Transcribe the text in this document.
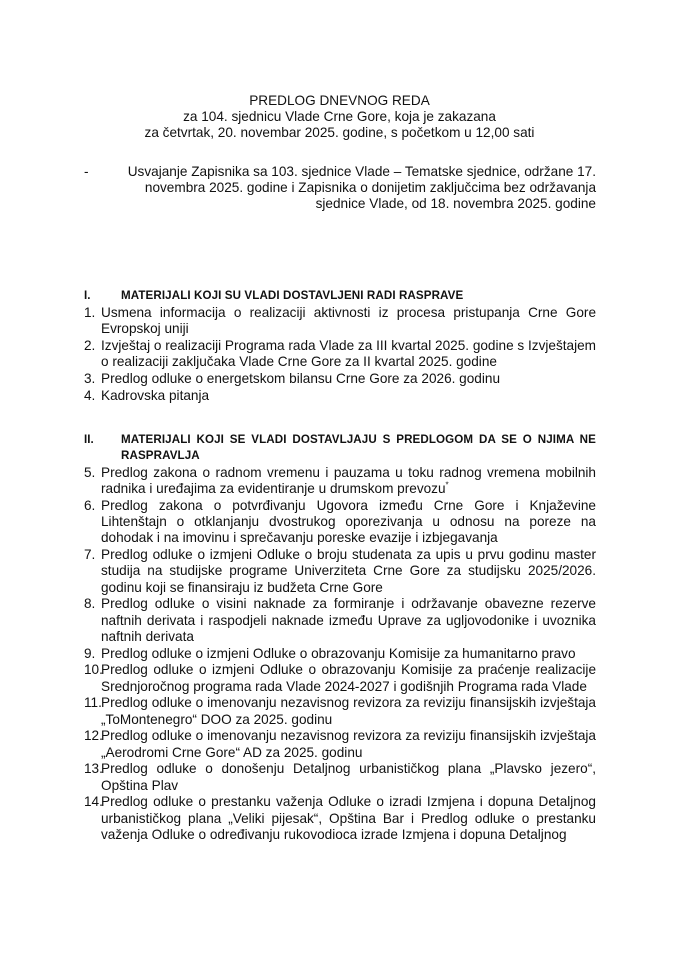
PREDLOG DNEVNOG REDA
za 104. sjednicu Vlade Crne Gore, koja je zakazana
za četvrtak, 20. novembar 2025. godine, s početkom u 12,00 sati
-	Usvajanje Zapisnika sa 103. sjednice Vlade – Tematske sjednice, održane 17. novembra 2025. godine i Zapisnika o donijetim zaključcima bez održavanja sjednice Vlade, od 18. novembra 2025. godine
I.	MATERIJALI KOJI SU VLADI DOSTAVLJENI RADI RASPRAVE
1. Usmena informacija o realizaciji aktivnosti iz procesa pristupanja Crne Gore Evropskoj uniji
2. Izvještaj o realizaciji Programa rada Vlade za III kvartal 2025. godine s Izvještajem o realizaciji zaključaka Vlade Crne Gore za II kvartal 2025. godine
3. Predlog odluke o energetskom bilansu Crne Gore za 2026. godinu
4. Kadrovska pitanja
II.	MATERIJALI KOJI SE VLADI DOSTAVLJAJU S PREDLOGOM DA SE O NJIMA NE RASPRAVLJA
5. Predlog zakona o radnom vremenu i pauzama u toku radnog vremena mobilnih radnika i uređajima za evidentiranje u drumskom prevozu*
6. Predlog zakona o potvrđivanju Ugovora između Crne Gore i Knjaževine Lihtenštajn o otklanjanju dvostrukog oporezivanja u odnosu na poreze na dohodak i na imovinu i sprečavanju poreske evazije i izbjegavanja
7. Predlog odluke o izmjeni Odluke o broju studenata za upis u prvu godinu master studija na studijske programe Univerziteta Crne Gore za studijsku 2025/2026. godinu koji se finansiraju iz budžeta Crne Gore
8. Predlog odluke o visini naknade za formiranje i održavanje obavezne rezerve naftnih derivata i raspodjeli naknade između Uprave za ugljovodonike i uvoznika naftnih derivata
9. Predlog odluke o izmjeni Odluke o obrazovanju Komisije za humanitarno pravo
10.
Predlog odluke o izmjeni Odluke o obrazovanju Komisije za praćenje realizacije Srednjoročnog programa rada Vlade 2024-2027 i godišnjih Programa rada Vlade
11. Predlog odluke o imenovanju nezavisnog revizora za reviziju finansijskih izvještaja „ToMontenegro“ DOO za 2025. godinu
12.
Predlog odluke o imenovanju nezavisnog revizora za reviziju finansijskih izvještaja „Aerodromi Crne Gore“ AD za 2025. godinu
13.
Predlog odluke o donošenju Detaljnog urbanističkog plana „Plavsko jezero“, Opština Plav
14.
Predlog odluke o prestanku važenja Odluke o izradi Izmjena i dopuna Detaljnog urbanističkog plana „Veliki pijesak“, Opština Bar i Predlog odluke o prestanku važenja Odluke o određivanju rukovodioca izrade Izmjena i dopuna Detaljnog
